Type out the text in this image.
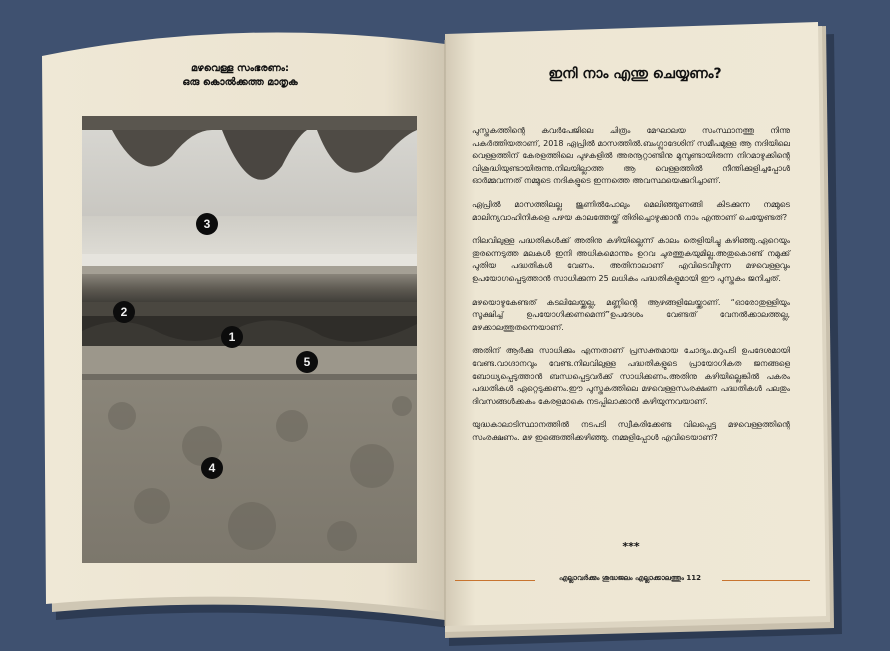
മഴവെള്ള സംഭരണം:
ഒരു കൊൽക്കത്ത മാതൃക
3
2
1
5
4
ഇനി നാം എന്തു ചെയ്യണം?

പുസ്തകത്തിന്റെ കവർപേജിലെ ചിത്രം മേഘാലയ സംസ്ഥാനത്തു നിന്നു പകർത്തിയതാണ്, 2018 ഏപ്രിൽ മാസത്തിൽ.ബംഗ്ലാദേശിന് സമീപമുള്ള ആ നദിയിലെ വെള്ളത്തിന് കേരളത്തിലെ പുഴകളിൽ അരനൂറ്റാണ്ടിനു മുമ്പുണ്ടായിരുന്ന നിറമാഴുക്കിന്റെ വിശുദ്ധിയുണ്ടായിരുന്നു.നിലയില്ലാത്ത ആ വെള്ളത്തിൽ നീന്തിക്കുളിച്ചപ്പോൾ ഓർമ്മവന്നത് നമ്മുടെ നദികളുടെ ഇന്നത്തെ അവസ്ഥയെക്കുറിച്ചാണ്.

ഏപ്രിൽ മാസത്തിലല്ല ജൂണിൽപോലും മെലിഞ്ഞുണങ്ങി കിടക്കുന്ന നമ്മുടെ മാലിന്യവാഹിനികളെ പഴയ കാലത്തേയ്ക്ക് തിരിച്ചൊഴുക്കാൻ നാം എന്താണ് ചെയ്യേണ്ടത്?

നിലവിലുള്ള പദ്ധതികൾക്ക് അതിനു കഴിയില്ലെന്ന് കാലം തെളിയിച്ചു കഴിഞ്ഞു.ഏറെയും തുരന്നെടുത്ത മലകൾ ഇനി അധികമൊന്നും ഉറവ ചുരത്തുകയുമില്ല.അതുകൊണ്ട് നമുക്ക് പുതിയ പദ്ധതികൾ വേണം. അതിനാലാണ് എവിടെവീഴുന്ന മഴവെള്ളവും ഉപയോഗപ്പെടുത്താൻ സാധിക്കുന്ന 25 ലധികം പദ്ധതികളുമായി ഈ പുസ്തകം ജനിച്ചത്.

മഴയൊഴുകേണ്ടത് കടലിലേയ്ക്കല്ല, മണ്ണിന്റെ ആഴങ്ങളിലേയ്ക്കാണ്. “ഓരോതുള്ളിയും സൂക്ഷിച്ച് ഉപയോഗിക്കണമെന്ന്”ഉപദേശം വേണ്ടത് വേനൽക്കാലത്തല്ല, മഴക്കാലത്തുതന്നെയാണ്.

അതിന് ആർക്കു സാധിക്കും എന്നതാണ് പ്രസക്തമായ ചോദ്യം.മറുപടി ഉപദേശമായി വേണ്ട.വാഗ്ദാനവും വേണ്ട.നിലവിലുള്ള പദ്ധതികളുടെ പ്രായോഗികത ജനങ്ങളെ ബോധ്യപ്പെടുത്താൻ ബന്ധപ്പെട്ടവർക്ക് സാധിക്കണം.അതിനു കഴിയില്ലെങ്കിൽ പകരം പദ്ധതികൾ ഏറ്റെടുക്കണം.ഈ പുസ്തകത്തിലെ മഴവെള്ളസംരക്ഷണ പദ്ധതികൾ പലതും ദിവസങ്ങൾക്കകം കേരളമാകെ നടപ്പിലാക്കാൻ കഴിയുന്നവയാണ്.

യുദ്ധകാലാടിസ്ഥാനത്തിൽ നടപടി സ്വീകരിക്കേണ്ട വിലപ്പെട്ട മഴവെള്ളത്തിന്റെ സംരക്ഷണം. മഴ ഇങ്ങെത്തിക്കഴിഞ്ഞു. നമ്മളിപ്പോൾ എവിടെയാണ്?

***
എല്ലാവർക്കും ശുദ്ധജലം എല്ലാക്കാലത്തും 112
